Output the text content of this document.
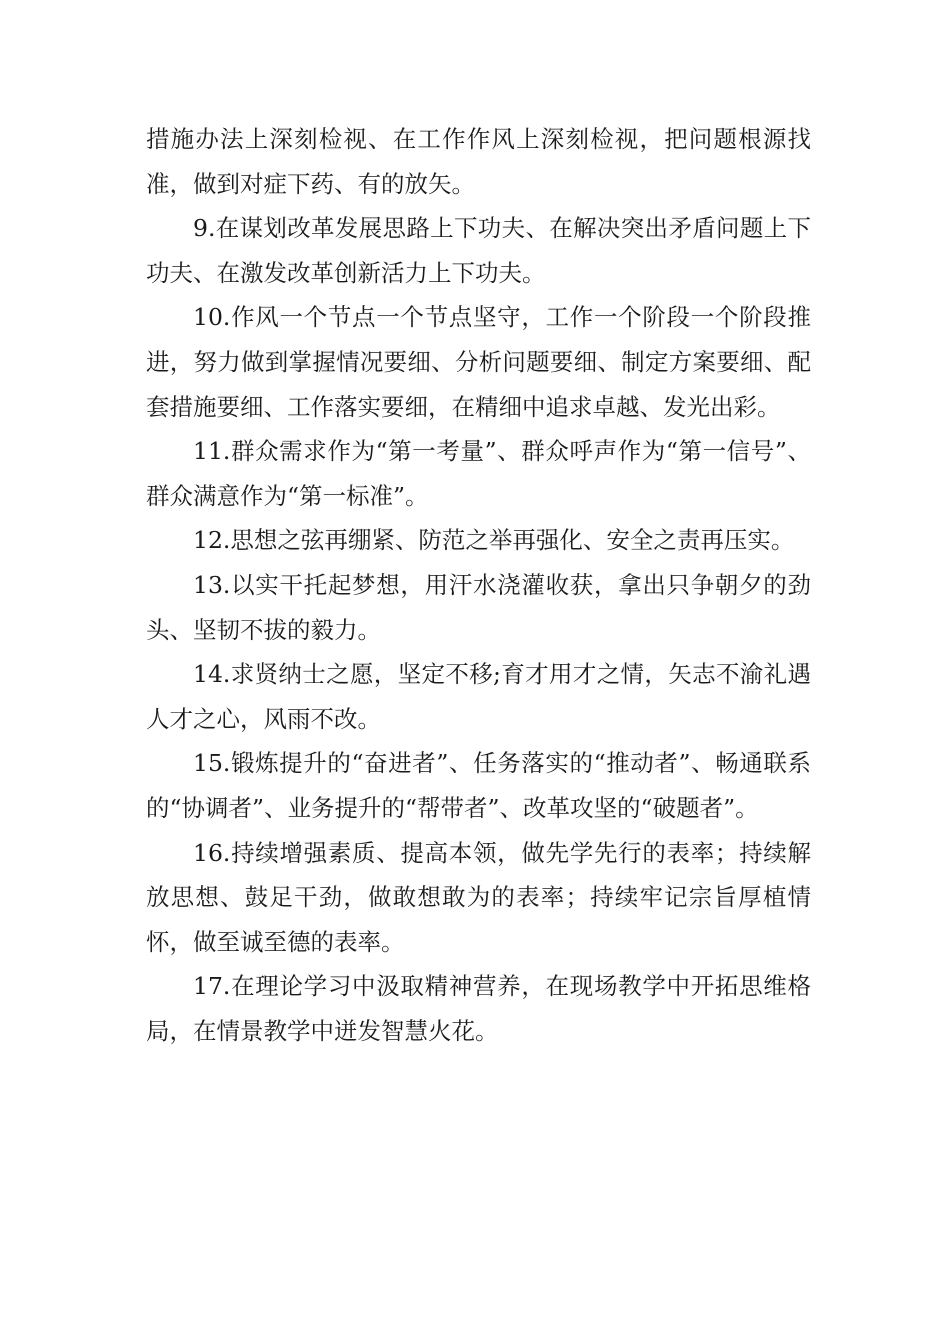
措施办法上深刻检视、在工作作风上深刻检视，把问题根源找准，做到对症下药、有的放矢。

9.在谋划改革发展思路上下功夫、在解决突出矛盾问题上下功夫、在激发改革创新活力上下功夫。

10.作风一个节点一个节点坚守，工作一个阶段一个阶段推进，努力做到掌握情况要细、分析问题要细、制定方案要细、配套措施要细、工作落实要细，在精细中追求卓越、发光出彩。

11.群众需求作为“第一考量”、群众呼声作为“第一信号”、群众满意作为“第一标准”。

12.思想之弦再绷紧、防范之举再强化、安全之责再压实。

13.以实干托起梦想，用汗水浇灌收获，拿出只争朝夕的劲头、坚韧不拔的毅力。

14.求贤纳士之愿，坚定不移;育才用才之情，矢志不渝礼遇人才之心，风雨不改。

15.锻炼提升的“奋进者”、任务落实的“推动者”、畅通联系的“协调者”、业务提升的“帮带者”、改革攻坚的“破题者”。

16.持续增强素质、提高本领，做先学先行的表率；持续解放思想、鼓足干劲，做敢想敢为的表率；持续牢记宗旨厚植情怀，做至诚至德的表率。

17.在理论学习中汲取精神营养，在现场教学中开拓思维格局，在情景教学中迸发智慧火花。
